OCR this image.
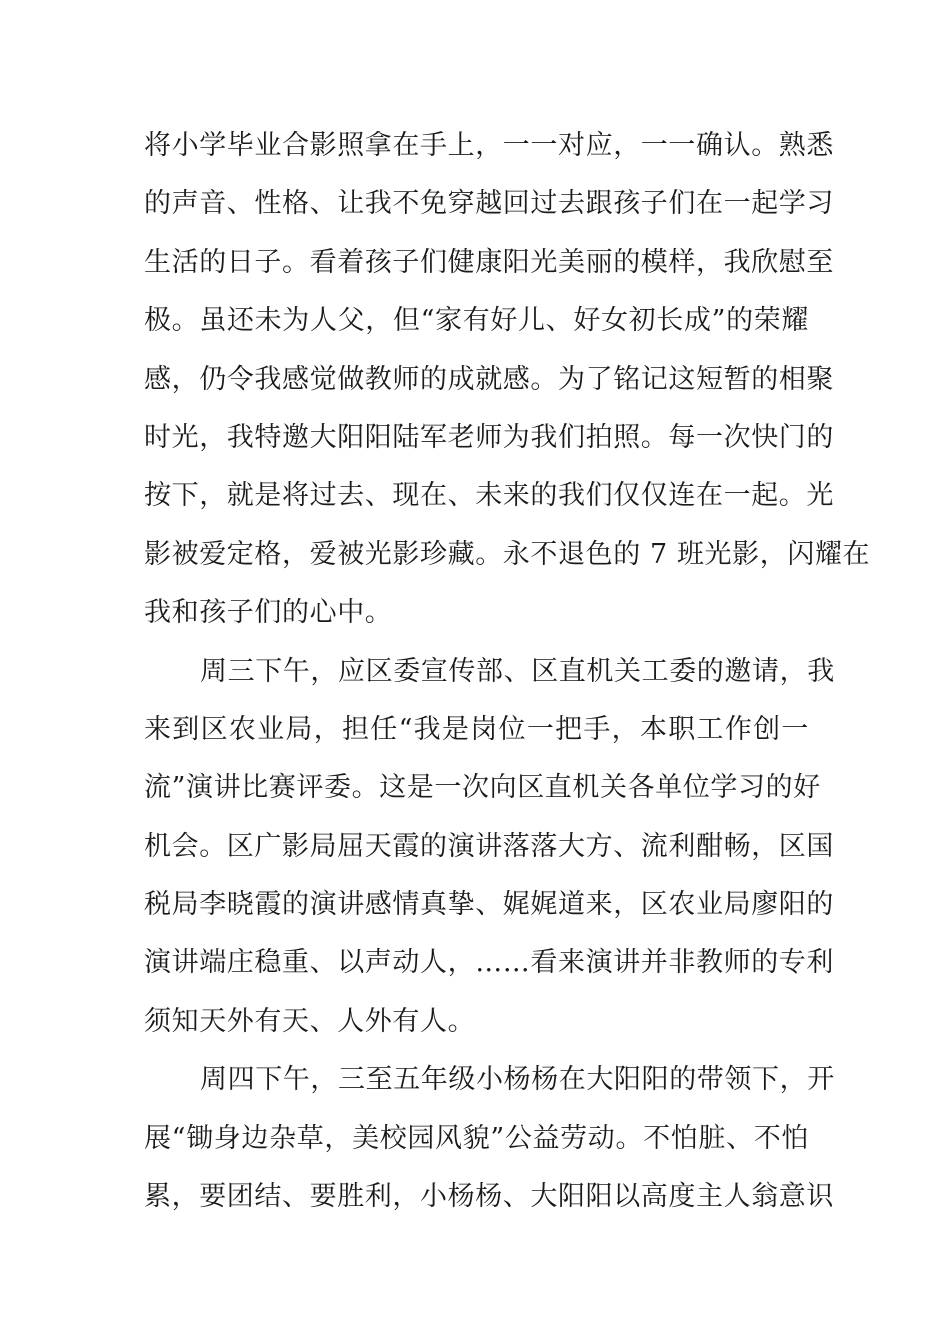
将小学毕业合影照拿在手上，一一对应，一一确认。熟悉
的声音、性格、让我不免穿越回过去跟孩子们在一起学习
生活的日子。看着孩子们健康阳光美丽的模样，我欣慰至
极。虽还未为人父，但“家有好儿、好女初长成”的荣耀
感，仍令我感觉做教师的成就感。为了铭记这短暂的相聚
时光，我特邀大阳阳陆军老师为我们拍照。每一次快门的
按下，就是将过去、现在、未来的我们仅仅连在一起。光
影被爱定格，爱被光影珍藏。永不退色的 7 班光影，闪耀在
我和孩子们的心中。
周三下午，应区委宣传部、区直机关工委的邀请，我
来到区农业局，担任“我是岗位一把手，本职工作创一
流”演讲比赛评委。这是一次向区直机关各单位学习的好
机会。区广影局屈天霞的演讲落落大方、流利酣畅，区国
税局李晓霞的演讲感情真挚、娓娓道来，区农业局廖阳的
演讲端庄稳重、以声动人，……看来演讲并非教师的专利
须知天外有天、人外有人。
周四下午，三至五年级小杨杨在大阳阳的带领下，开
展“锄身边杂草，美校园风貌”公益劳动。不怕脏、不怕
累，要团结、要胜利，小杨杨、大阳阳以高度主人翁意识
